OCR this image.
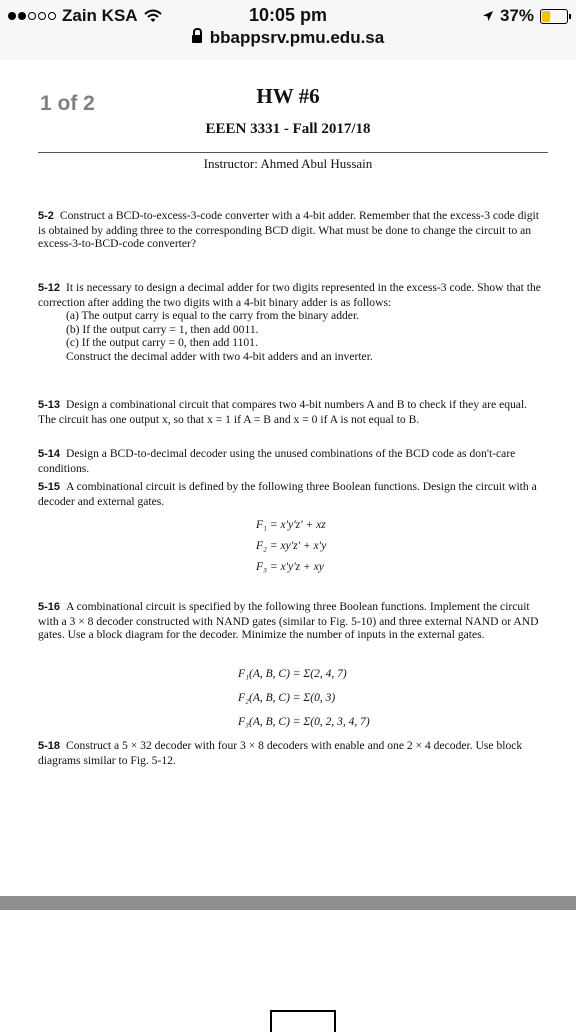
Zain KSA	10:05 pm	37%
bbappsrv.pmu.edu.sa
1 of 2	HW #6
EEEN 3331 - Fall 2017/18
Instructor: Ahmed Abul Hussain
5-2 Construct a BCD-to-excess-3-code converter with a 4-bit adder. Remember that the excess-3 code digit is obtained by adding three to the corresponding BCD digit. What must be done to change the circuit to an excess-3-to-BCD-code converter?
5-12 It is necessary to design a decimal adder for two digits represented in the excess-3 code. Show that the correction after adding the two digits with a 4-bit binary adder is as follows:
(a) The output carry is equal to the carry from the binary adder.
(b) If the output carry = 1, then add 0011.
(c) If the output carry = 0, then add 1101.
Construct the decimal adder with two 4-bit adders and an inverter.
5-13 Design a combinational circuit that compares two 4-bit numbers A and B to check if they are equal. The circuit has one output x, so that x = 1 if A = B and x = 0 if A is not equal to B.
5-14 Design a BCD-to-decimal decoder using the unused combinations of the BCD code as don't-care conditions.
5-15 A combinational circuit is defined by the following three Boolean functions. Design the circuit with a decoder and external gates.
F₁ = x'y'z' + xz
F₂ = xy'z' + x'y
F₃ = x'y'z + xy
5-16 A combinational circuit is specified by the following three Boolean functions. Implement the circuit with a 3 × 8 decoder constructed with NAND gates (similar to Fig. 5-10) and three external NAND or AND gates. Use a block diagram for the decoder. Minimize the number of inputs in the external gates.
F₁(A, B, C) = Σ(2, 4, 7)
F₂(A, B, C) = Σ(0, 3)
F₃(A, B, C) = Σ(0, 2, 3, 4, 7)
5-18 Construct a 5 × 32 decoder with four 3 × 8 decoders with enable and one 2 × 4 decoder. Use block diagrams similar to Fig. 5-12.
